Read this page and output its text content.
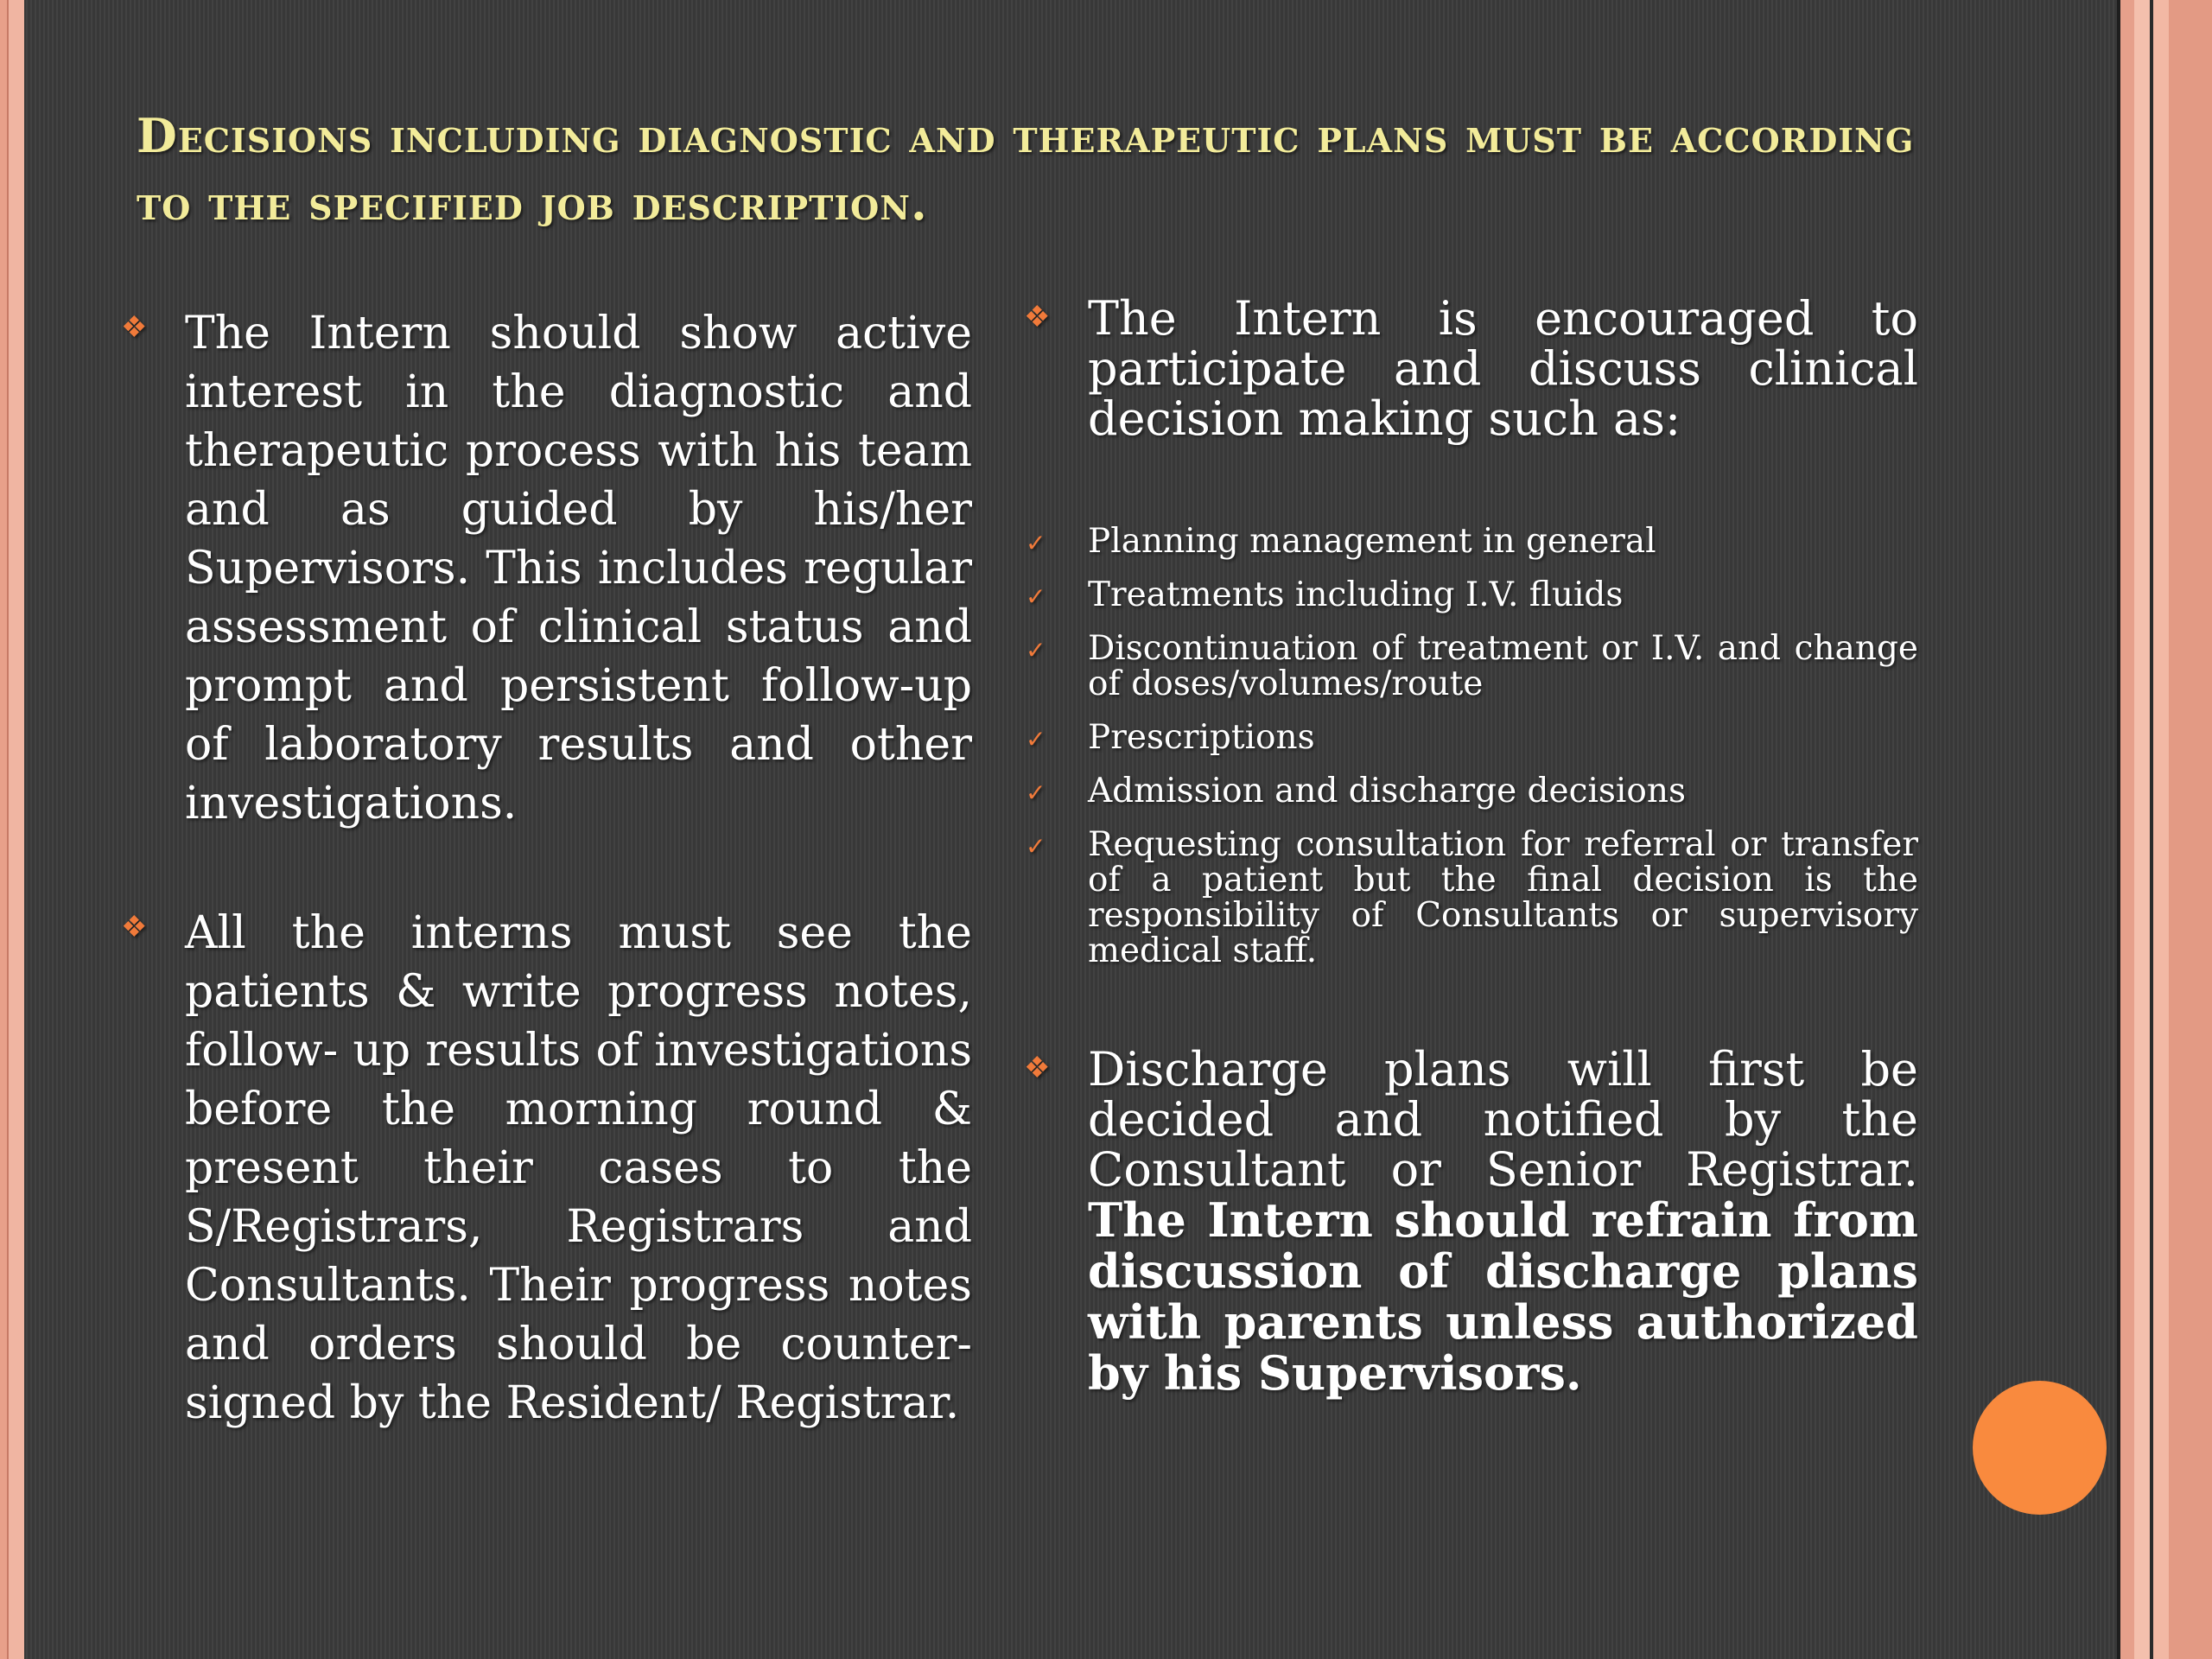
Decisions including diagnostic and therapeutic plans must be according to the specified job description.

❖ The Intern should show active interest in the diagnostic and therapeutic process with his team and as guided by his/her Supervisors. This includes regular assessment of clinical status and prompt and persistent follow-up of laboratory results and other investigations.

❖ All the interns must see the patients & write progress notes, follow- up results of investigations before the morning round & present their cases to the S/Registrars, Registrars and Consultants. Their progress notes and orders should be counter-signed by the Resident/ Registrar.

❖ The Intern is encouraged to participate and discuss clinical decision making such as:

✓ Planning management in general
✓ Treatments including I.V. fluids
✓ Discontinuation of treatment or I.V. and change of doses/volumes/route
✓ Prescriptions
✓ Admission and discharge decisions
✓ Requesting consultation for referral or transfer of a patient but the final decision is the responsibility of Consultants or supervisory medical staff.

❖ Discharge plans will first be decided and notified by the Consultant or Senior Registrar. The Intern should refrain from discussion of discharge plans with parents unless authorized by his Supervisors.
